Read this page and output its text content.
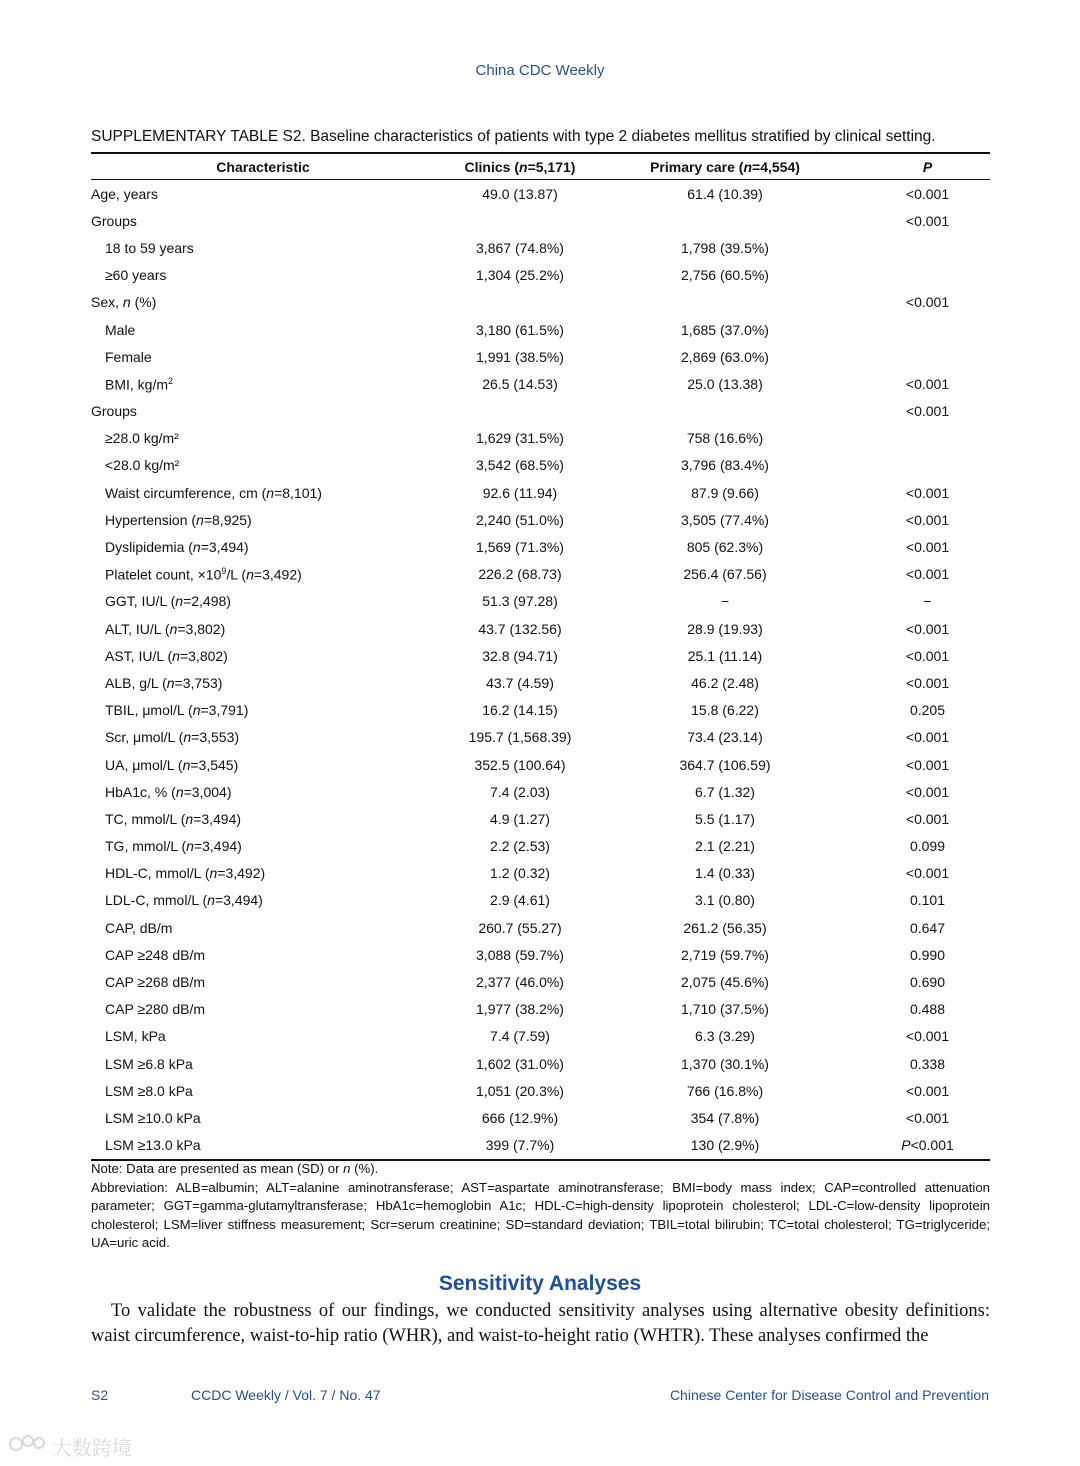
China CDC Weekly
SUPPLEMENTARY TABLE S2. Baseline characteristics of patients with type 2 diabetes mellitus stratified by clinical setting.
Characteristic	Clinics (n=5,171)	Primary care (n=4,554)	P
Age, years	49.0 (13.87)	61.4 (10.39)	<0.001
Groups			<0.001
18 to 59 years	3,867 (74.8%)	1,798 (39.5%)	
≥60 years	1,304 (25.2%)	2,756 (60.5%)	
Sex, n (%)			<0.001
Male	3,180 (61.5%)	1,685 (37.0%)	
Female	1,991 (38.5%)	2,869 (63.0%)	
BMI, $kg/m^2$	26.5 (14.53)	25.0 (13.38)	<0.001
Groups			<0.001
≥28.0 kg/m²	1,629 (31.5%)	758 (16.6%)	
<28.0 kg/m²	3,542 (68.5%)	3,796 (83.4%)	
Waist circumference, cm (n=8,101)	92.6 (11.94)	87.9 (9.66)	<0.001
Hypertension (n=8,925)	2,240 (51.0%)	3,505 (77.4%)	<0.001
Dyslipidemia (n=3,494)	1,569 (71.3%)	805 (62.3%)	<0.001
Platelet count, $\times 10^9/L$ (n=3,492)	226.2 (68.73)	256.4 (67.56)	<0.001
GGT, IU/L (n=2,498)	51.3 (97.28)	−	−
ALT, IU/L (n=3,802)	43.7 (132.56)	28.9 (19.93)	<0.001
AST, IU/L (n=3,802)	32.8 (94.71)	25.1 (11.14)	<0.001
ALB, g/L (n=3,753)	43.7 (4.59)	46.2 (2.48)	<0.001
TBIL, μmol/L (n=3,791)	16.2 (14.15)	15.8 (6.22)	0.205
Scr, μmol/L (n=3,553)	195.7 (1,568.39)	73.4 (23.14)	<0.001
UA, μmol/L (n=3,545)	352.5 (100.64)	364.7 (106.59)	<0.001
HbA1c, % (n=3,004)	7.4 (2.03)	6.7 (1.32)	<0.001
TC, mmol/L (n=3,494)	4.9 (1.27)	5.5 (1.17)	<0.001
TG, mmol/L (n=3,494)	2.2 (2.53)	2.1 (2.21)	0.099
HDL-C, mmol/L (n=3,492)	1.2 (0.32)	1.4 (0.33)	<0.001
LDL-C, mmol/L (n=3,494)	2.9 (4.61)	3.1 (0.80)	0.101
CAP, dB/m	260.7 (55.27)	261.2 (56.35)	0.647
CAP ≥248 dB/m	3,088 (59.7%)	2,719 (59.7%)	0.990
CAP ≥268 dB/m	2,377 (46.0%)	2,075 (45.6%)	0.690
CAP ≥280 dB/m	1,977 (38.2%)	1,710 (37.5%)	0.488
LSM, kPa	7.4 (7.59)	6.3 (3.29)	<0.001
LSM ≥6.8 kPa	1,602 (31.0%)	1,370 (30.1%)	0.338
LSM ≥8.0 kPa	1,051 (20.3%)	766 (16.8%)	<0.001
LSM ≥10.0 kPa	666 (12.9%)	354 (7.8%)	<0.001
LSM ≥13.0 kPa	399 (7.7%)	130 (2.9%)	P<0.001
Note: Data are presented as mean (SD) or n (%).
Abbreviation: ALB=albumin; ALT=alanine aminotransferase; AST=aspartate aminotransferase; BMI=body mass index; CAP=controlled attenuation parameter; GGT=gamma-glutamyltransferase; HbA1c=hemoglobin A1c; HDL-C=high-density lipoprotein cholesterol; LDL-C=low-density lipoprotein cholesterol; LSM=liver stiffness measurement; Scr=serum creatinine; SD=standard deviation; TBIL=total bilirubin; TC=total cholesterol; TG=triglyceride; UA=uric acid.
Sensitivity Analyses
To validate the robustness of our findings, we conducted sensitivity analyses using alternative obesity definitions: waist circumference, waist-to-hip ratio (WHR), and waist-to-height ratio (WHTR). These analyses confirmed the
S2	CCDC Weekly / Vol. 7 / No. 47	Chinese Center for Disease Control and Prevention
大数跨境
